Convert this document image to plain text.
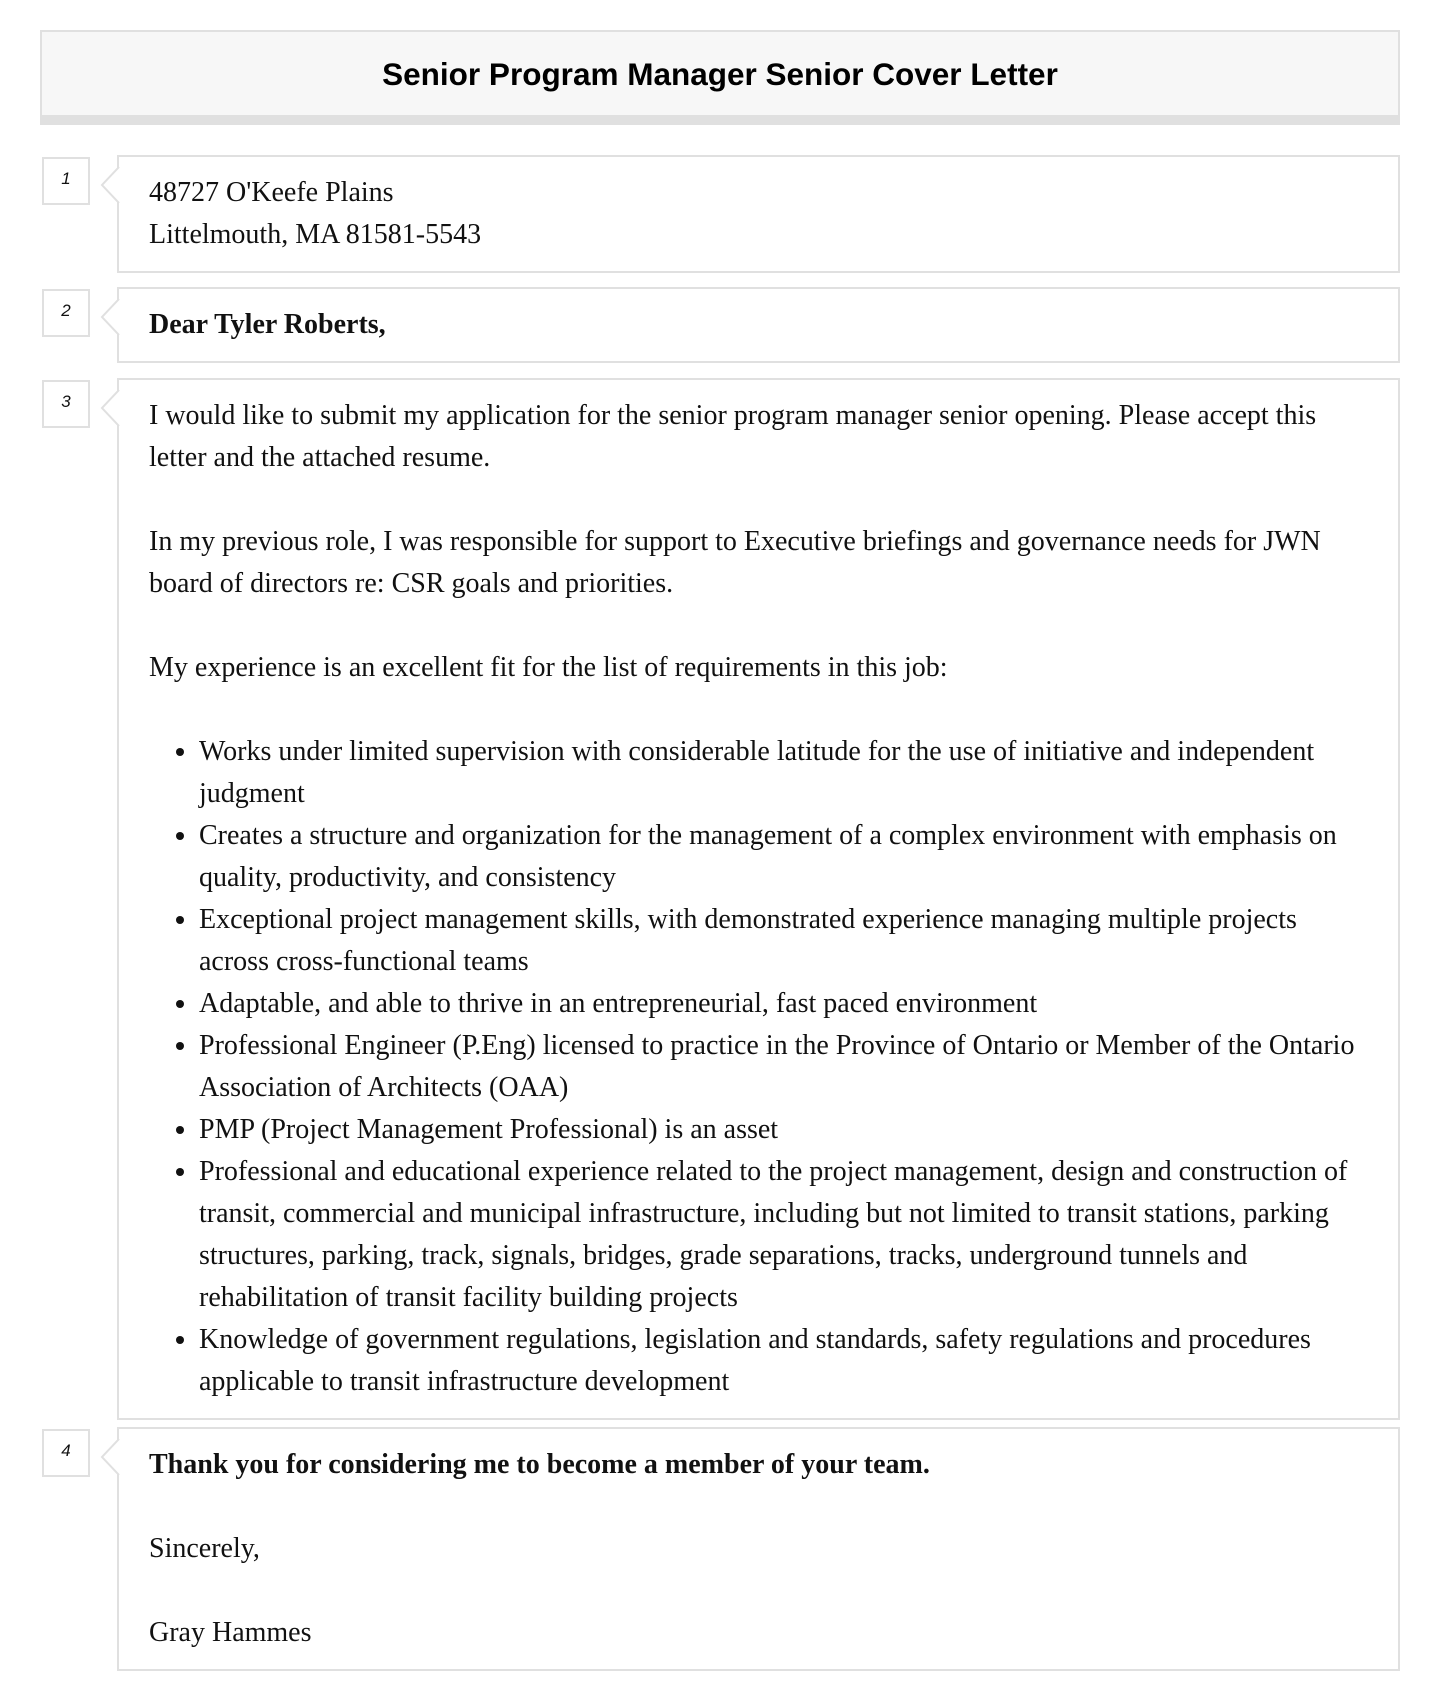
Senior Program Manager Senior Cover Letter
1	48727 O'Keefe Plains

Littelmouth, MA 81581-5543

2	Dear Tyler Roberts,

3	I would like to submit my application for the senior program manager senior opening. Please accept this letter and the attached resume.

In my previous role, I was responsible for support to Executive briefings and governance needs for JWN board of directors re: CSR goals and priorities.

My experience is an excellent fit for the list of requirements in this job:

• Works under limited supervision with considerable latitude for the use of initiative and independent judgment
• Creates a structure and organization for the management of a complex environment with emphasis on quality, productivity, and consistency
• Exceptional project management skills, with demonstrated experience managing multiple projects across cross-functional teams
• Adaptable, and able to thrive in an entrepreneurial, fast paced environment
• Professional Engineer (P.Eng) licensed to practice in the Province of Ontario or Member of the Ontario Association of Architects (OAA)
• PMP (Project Management Professional) is an asset
• Professional and educational experience related to the project management, design and construction of transit, commercial and municipal infrastructure, including but not limited to transit stations, parking structures, parking, track, signals, bridges, grade separations, tracks, underground tunnels and rehabilitation of transit facility building projects
• Knowledge of government regulations, legislation and standards, safety regulations and procedures applicable to transit infrastructure development
4	Thank you for considering me to become a member of your team.

Sincerely,

Gray Hammes
